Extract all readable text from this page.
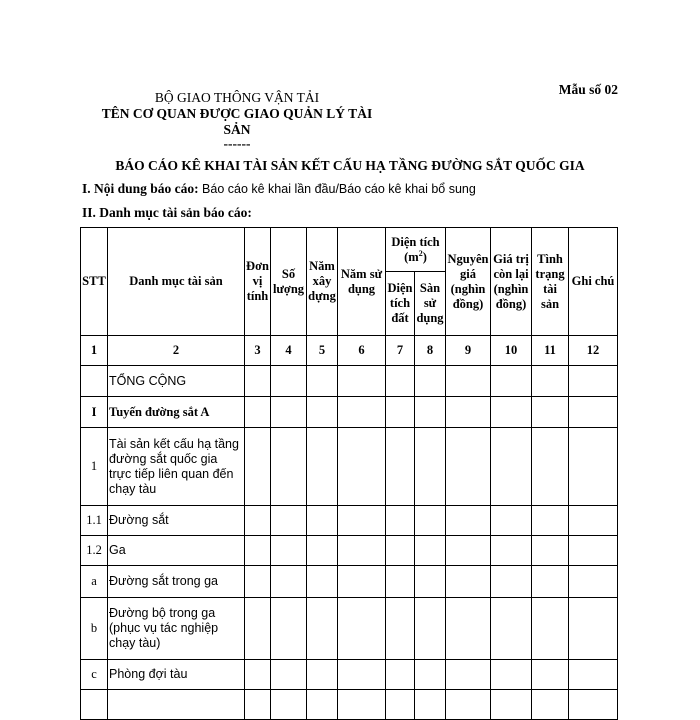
BỘ GIAO THÔNG VẬN TẢI
TÊN CƠ QUAN ĐƯỢC GIAO QUẢN LÝ TÀI SẢN
------
Mẫu số 02
BÁO CÁO KÊ KHAI TÀI SẢN KẾT CẤU HẠ TẦNG ĐƯỜNG SẮT QUỐC GIA
I. Nội dung báo cáo: Báo cáo kê khai lần đầu/Báo cáo kê khai bổ sung
II. Danh mục tài sản báo cáo:
STT	Danh mục tài sản	Đơn vị tính	Số lượng	Năm xây dựng	Năm sử dụng	Diện tích $(m^2)$		Nguyên giá (nghìn đồng)	Giá trị còn lại (nghìn đồng)	Tình trạng tài sản	Ghi chú
						Diện tích đất	Sàn sử dụng				
1	2	3	4	5	6	7	8	9	10	11	12
	TỔNG CỘNG										
I	Tuyến đường sắt A										
1	Tài sản kết cấu hạ tầng đường sắt quốc gia trực tiếp liên quan đến chạy tàu										
1.1	Đường sắt										
1.2	Ga										
a	Đường sắt trong ga										
b	Đường bộ trong ga (phục vụ tác nghiệp chạy tàu)										
c	Phòng đợi tàu										
